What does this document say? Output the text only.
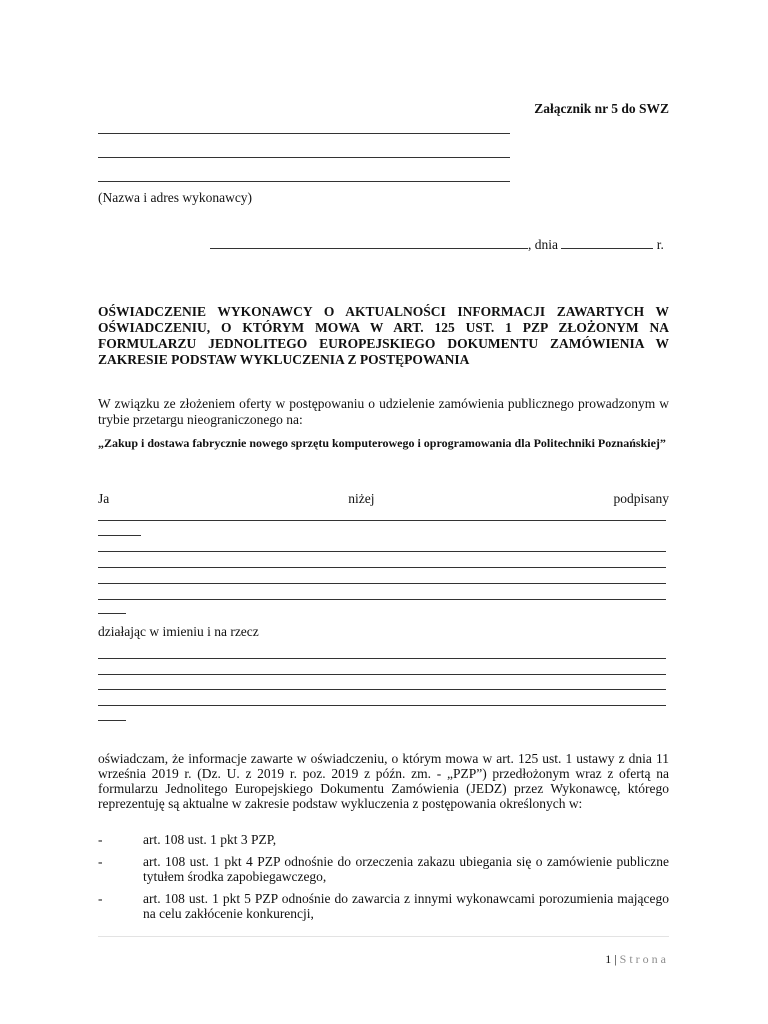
Załącznik nr 5 do SWZ
(Nazwa i adres wykonawcy)
, dnia	r.
OŚWIADCZENIE WYKONAWCY O AKTUALNOŚCI INFORMACJI ZAWARTYCH W OŚWIADCZENIU, O KTÓRYM MOWA W ART. 125 UST. 1 PZP ZŁOŻONYM NA FORMULARZU JEDNOLITEGO EUROPEJSKIEGO DOKUMENTU ZAMÓWIENIA W ZAKRESIE PODSTAW WYKLUCZENIA Z POSTĘPOWANIA
W związku ze złożeniem oferty w postępowaniu o udzielenie zamówienia publicznego prowadzonym w trybie przetargu nieograniczonego na:
„Zakup i dostawa fabrycznie nowego sprzętu komputerowego i oprogramowania dla Politechniki Poznańskiej”
Ja	niżej	podpisany
działając w imieniu i na rzecz
oświadczam, że informacje zawarte w oświadczeniu, o którym mowa w art. 125 ust. 1 ustawy z dnia 11 września 2019 r. (Dz. U. z 2019 r. poz. 2019 z późn. zm. - „PZP”) przedłożonym wraz z ofertą na formularzu Jednolitego Europejskiego Dokumentu Zamówienia (JEDZ) przez Wykonawcę, którego reprezentuję są aktualne w zakresie podstaw wykluczenia z postępowania określonych w:
-	art. 108 ust. 1 pkt 3 PZP,
-	art. 108 ust. 1 pkt 4 PZP odnośnie do orzeczenia zakazu ubiegania się o zamówienie publiczne tytułem środka zapobiegawczego,
-	art. 108 ust. 1 pkt 5 PZP odnośnie do zawarcia z innymi wykonawcami porozumienia mającego na celu zakłócenie konkurencji,
1 | Strona
